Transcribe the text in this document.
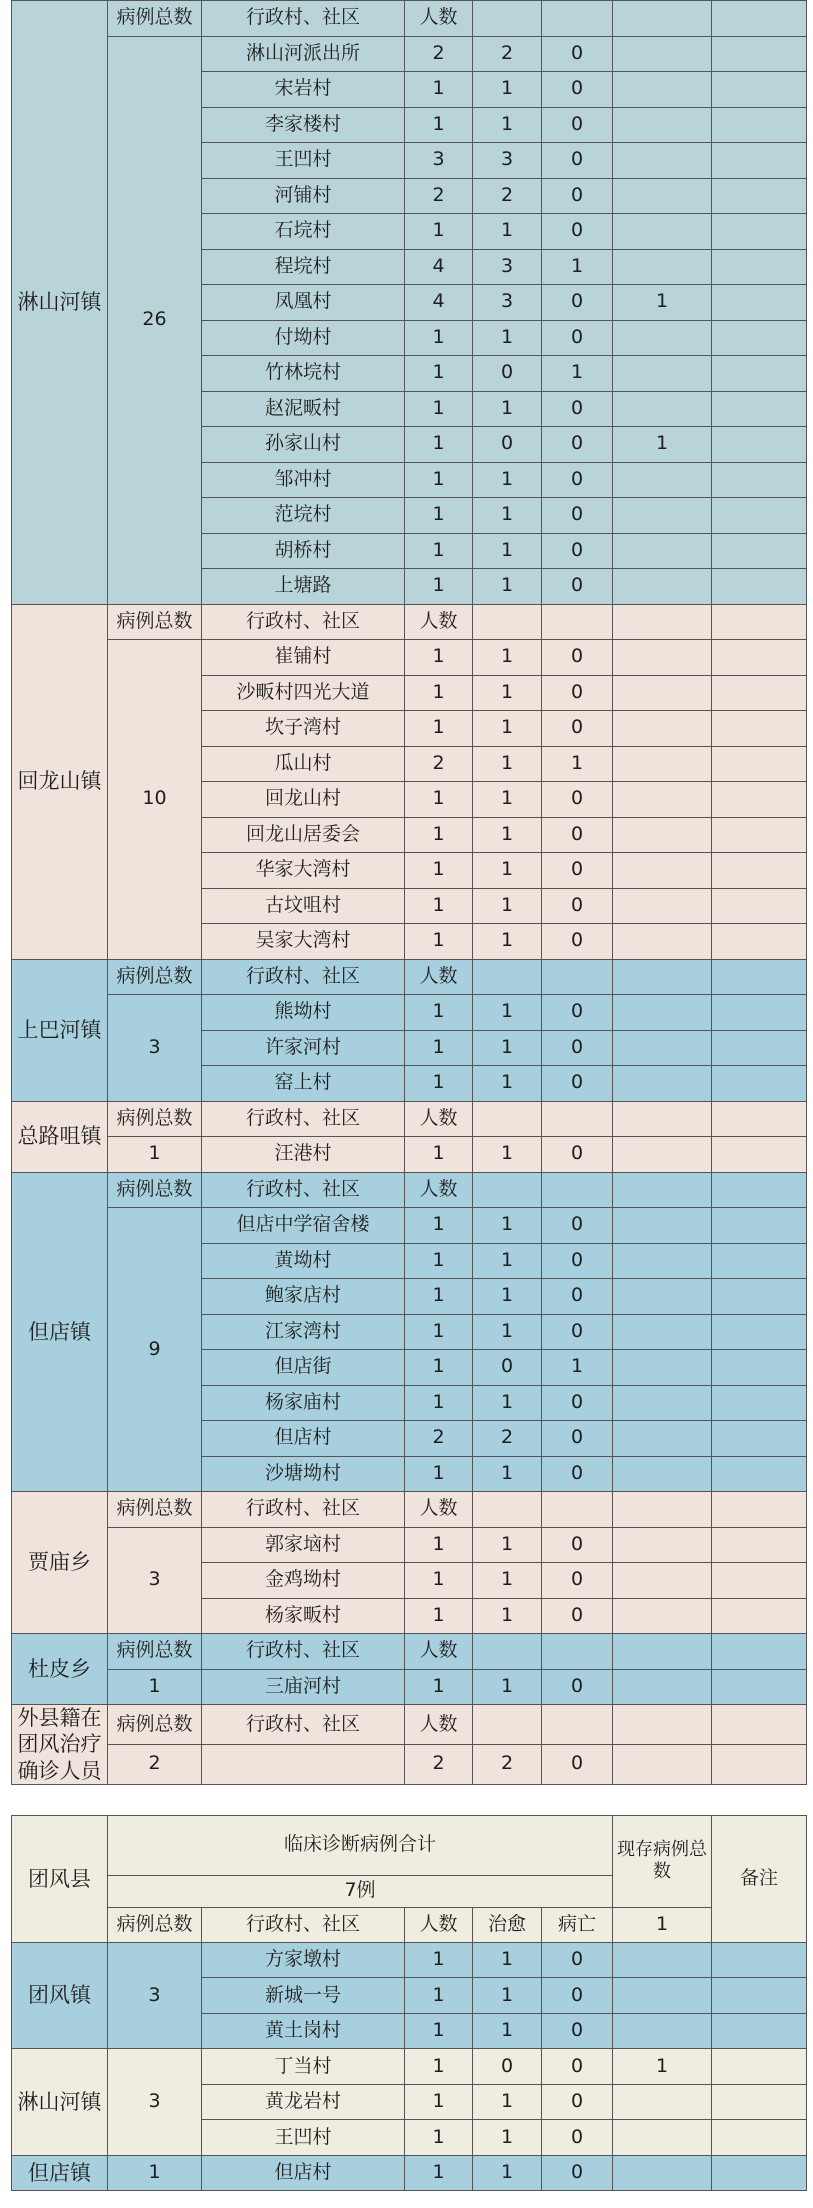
淋山河镇	病例总数	行政村、社区	人数				
	26	淋山河派出所	2	2	0		
		宋岩村	1	1	0		
		李家楼村	1	1	0		
		王凹村	3	3	0		
		河铺村	2	2	0		
		石垸村	1	1	0		
		程垸村	4	3	1		
		凤凰村	4	3	0	1	
		付坳村	1	1	0		
		竹林垸村	1	0	1		
		赵泥畈村	1	1	0		
		孙家山村	1	0	0	1	
		邹冲村	1	1	0		
		范垸村	1	1	0		
		胡桥村	1	1	0		
		上塘路	1	1	0		
回龙山镇	病例总数	行政村、社区	人数				
	10	崔铺村	1	1	0		
		沙畈村四光大道	1	1	0		
		坎子湾村	1	1	0		
		瓜山村	2	1	1		
		回龙山村	1	1	0		
		回龙山居委会	1	1	0		
		华家大湾村	1	1	0		
		古坟咀村	1	1	0		
		吴家大湾村	1	1	0		
上巴河镇	病例总数	行政村、社区	人数				
	3	熊坳村	1	1	0		
		许家河村	1	1	0		
		窑上村	1	1	0		
总路咀镇	病例总数	行政村、社区	人数				
	1	汪港村	1	1	0		
但店镇	病例总数	行政村、社区	人数				
	9	但店中学宿舍楼	1	1	0		
		黄坳村	1	1	0		
		鲍家店村	1	1	0		
		江家湾村	1	1	0		
		但店街	1	0	1		
		杨家庙村	1	1	0		
		但店村	2	2	0		
		沙塘坳村	1	1	0		
贾庙乡	病例总数	行政村、社区	人数				
	3	郭家垴村	1	1	0		
		金鸡坳村	1	1	0		
		杨家畈村	1	1	0		
杜皮乡	病例总数	行政村、社区	人数				
	1	三庙河村	1	1	0		
外县籍在团风治疗确诊人员	病例总数	行政村、社区	人数				
	2		2	2	0		
团风县	临床诊断病例合计					现存病例总数	备注
	7例						
	病例总数	行政村、社区	人数	治愈	病亡	1	
团风镇	3	方家墩村	1	1	0		
		新城一号	1	1	0		
		黄土岗村	1	1	0		
淋山河镇	3	丁当村	1	0	0	1	
		黄龙岩村	1	1	0		
		王凹村	1	1	0		
但店镇	1	但店村	1	1	0		
